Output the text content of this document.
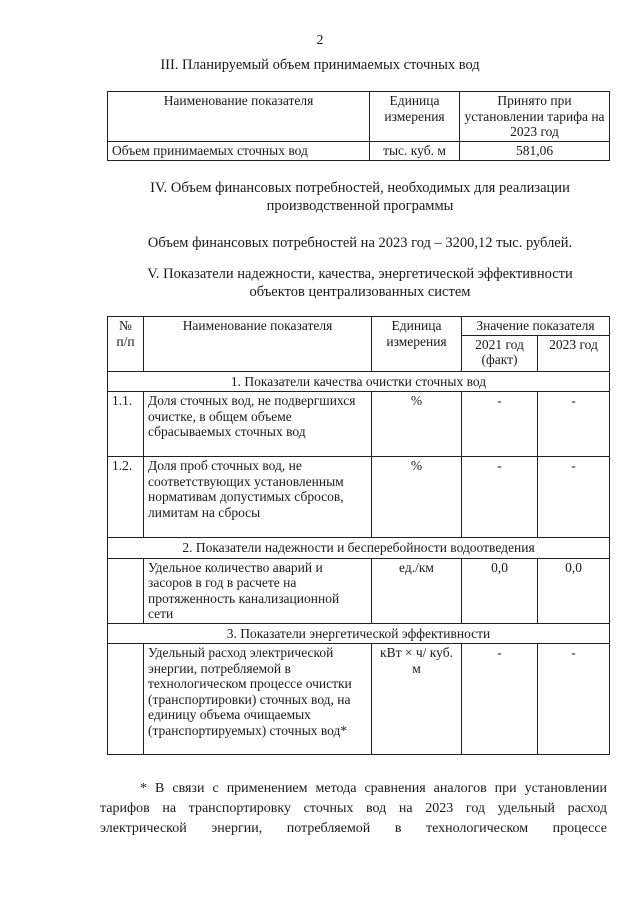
2
III. Планируемый объем принимаемых сточных вод
Наименование показателя	Единица измерения	Принято при установлении тарифа на 2023 год
Объем принимаемых сточных вод	тыс. куб. м	581,06
IV. Объем финансовых потребностей, необходимых для реализации
производственной программы
Объем финансовых потребностей на 2023 год – 3200,12 тыс. рублей.
V. Показатели надежности, качества, энергетической эффективности
объектов централизованных систем
№ п/п	Наименование показателя	Единица измерения	Значение показателя	
			2021 год (факт)	2023 год
1. Показатели качества очистки сточных вод				
1.1.	Доля сточных вод, не подвергшихся очистке, в общем объеме сбрасываемых сточных вод	%	-	-
1.2.	Доля проб сточных вод, не соответствующих установленным нормативам допустимых сбросов, лимитам на сбросы	%	-	-
2. Показатели надежности и бесперебойности водоотведения				
	Удельное количество аварий и засоров в год в расчете на протяженность канализационной сети	ед./км	0,0	0,0
3. Показатели энергетической эффективности				
	Удельный расход электрической энергии, потребляемой в технологическом процессе очистки (транспортировки) сточных вод, на единицу объема очищаемых (транспортируемых) сточных вод*	кВт × ч/ куб. м	-	-
* В связи с применением метода сравнения аналогов при установлении
тарифов на транспортировку сточных вод на 2023 год удельный расход
электрической энергии, потребляемой в технологическом процессе
